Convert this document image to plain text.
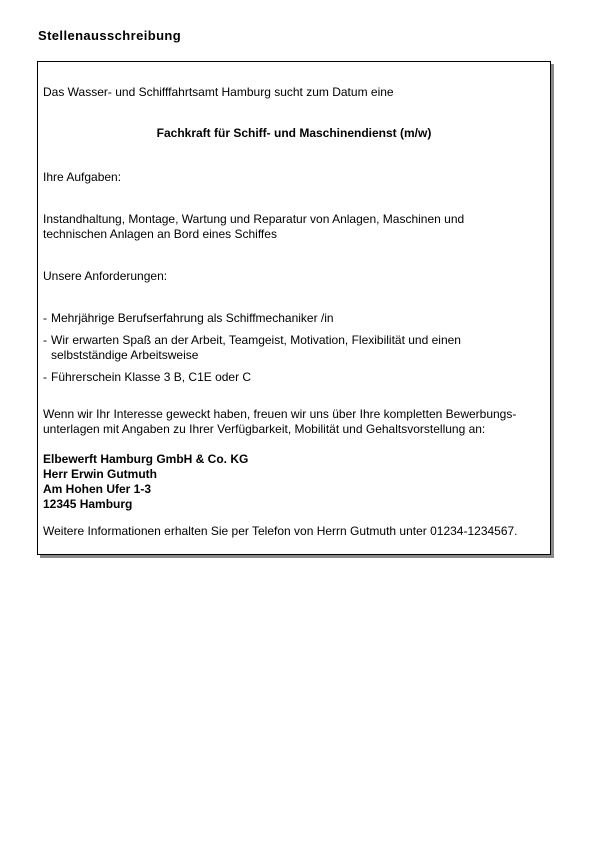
Stellenausschreibung
Das Wasser- und Schifffahrtsamt Hamburg sucht zum Datum eine
Fachkraft für Schiff- und Maschinendienst (m/w)
Ihre Aufgaben:
Instandhaltung, Montage, Wartung und Reparatur von Anlagen, Maschinen und
technischen Anlagen an Bord eines Schiffes
Unsere Anforderungen:
- Mehrjährige Berufserfahrung als Schiffmechaniker /in
- Wir erwarten Spaß an der Arbeit, Teamgeist, Motivation, Flexibilität und einen
selbstständige Arbeitsweise
- Führerschein Klasse 3 B, C1E oder C
Wenn wir Ihr Interesse geweckt haben, freuen wir uns über Ihre kompletten Bewerbungs-
unterlagen mit Angaben zu Ihrer Verfügbarkeit, Mobilität und Gehaltsvorstellung an:
Elbewerft Hamburg GmbH & Co. KG
Herr Erwin Gutmuth
Am Hohen Ufer 1-3
12345 Hamburg
Weitere Informationen erhalten Sie per Telefon von Herrn Gutmuth unter 01234-1234567.
